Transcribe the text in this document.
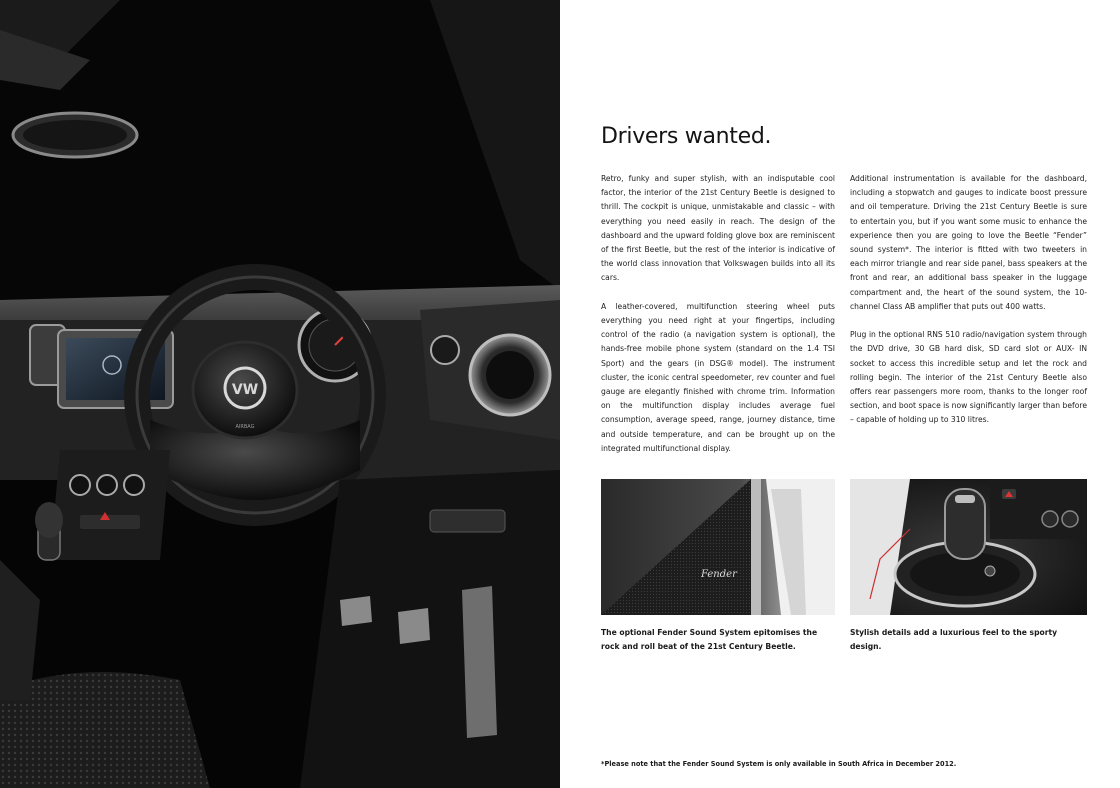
VW
AIRBAG
Drivers wanted.

Retro, funky and super stylish, with an indisputable cool factor, the interior of the 21st Century Beetle is designed to thrill. The cockpit is unique, unmistakable and classic – with everything you need easily in reach. The design of the dashboard and the upward folding glove box are reminiscent of the first Beetle, but the rest of the interior is indicative of the world class innovation that Volkswagen builds into all its cars.

A leather-covered, multifunction steering wheel puts everything you need right at your fingertips, including control of the radio (a navigation system is optional), the hands-free mobile phone system (standard on the 1.4 TSI Sport) and the gears (in DSG® model). The instrument cluster, the iconic central speedometer, rev counter and fuel gauge are elegantly finished with chrome trim. Information on the multifunction display includes average fuel consumption, average speed, range, journey distance, time and outside temperature, and can be brought up on the integrated multifunctional display.

Additional instrumentation is available for the dashboard, including a stopwatch and gauges to indicate boost pressure and oil temperature. Driving the 21st Century Beetle is sure to entertain you, but if you want some music to enhance the experience then you are going to love the Beetle “Fender” sound system*. The interior is fitted with two tweeters in each mirror triangle and rear side panel, bass speakers at the front and rear, an additional bass speaker in the luggage compartment and, the heart of the sound system, the 10-channel Class AB amplifier that puts out 400 watts.

Plug in the optional RNS 510 radio/navigation system through the DVD drive, 30 GB hard disk, SD card slot or AUX- IN socket to access this incredible setup and let the rock and rolling begin. The interior of the 21st Century Beetle also offers rear passengers more room, thanks to the longer roof section, and boot space is now significantly larger than before – capable of holding up to 310 litres.

Fender
The optional Fender Sound System epitomises the rock and roll beat of the 21st Century Beetle.
Stylish details add a luxurious feel to the sporty design.
*Please note that the Fender Sound System is only available in South Africa in December 2012.
